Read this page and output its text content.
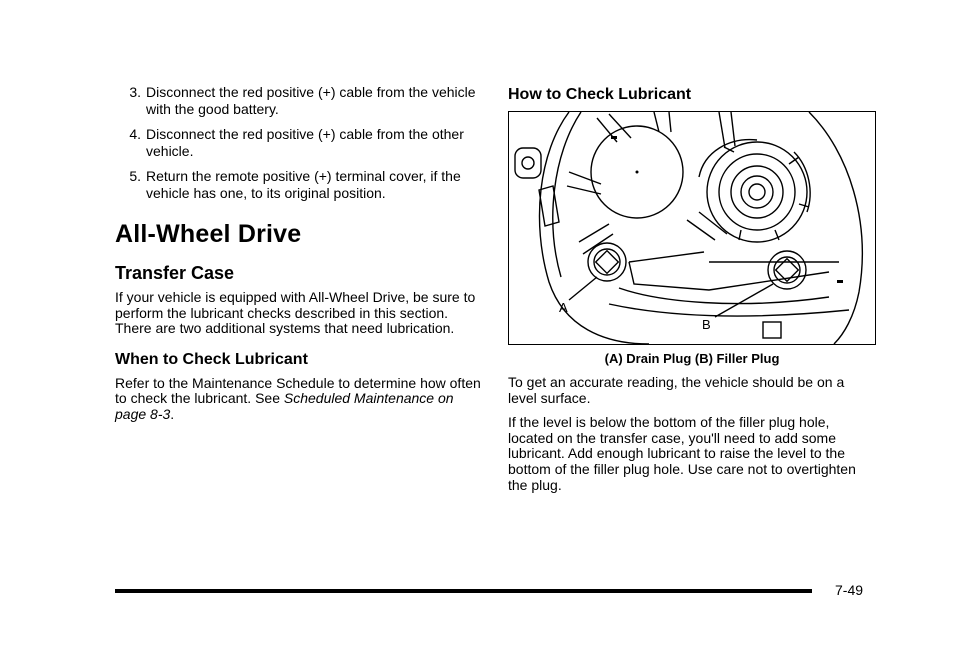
3. Disconnect the red positive (+) cable from the vehicle with the good battery.
4. Disconnect the red positive (+) cable from the other vehicle.
5. Return the remote positive (+) terminal cover, if the vehicle has one, to its original position.
All-Wheel Drive
Transfer Case

If your vehicle is equipped with All-Wheel Drive, be sure to perform the lubricant checks described in this section. There are two additional systems that need lubrication.

When to Check Lubricant

Refer to the Maintenance Schedule to determine how often to check the lubricant. See Scheduled Maintenance on page 8-3.

How to Check Lubricant
A
B
(A) Drain Plug (B) Filler Plug

To get an accurate reading, the vehicle should be on a level surface.

If the level is below the bottom of the filler plug hole, located on the transfer case, you'll need to add some lubricant. Add enough lubricant to raise the level to the bottom of the filler plug hole. Use care not to overtighten the plug.

7-49
